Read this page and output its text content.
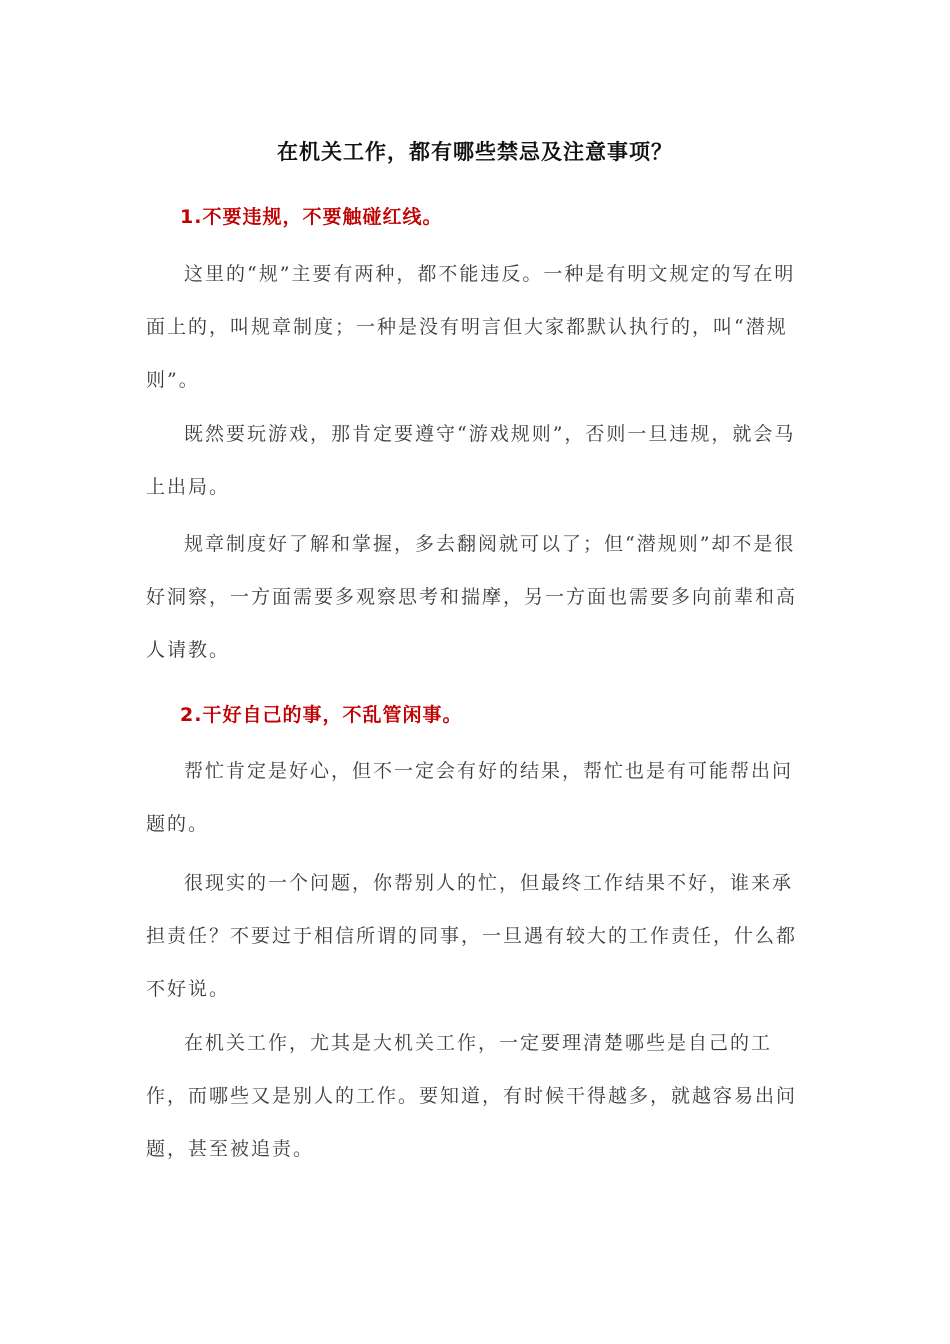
在机关工作，都有哪些禁忌及注意事项？
1.不要违规，不要触碰红线。
这里的“规”主要有两种，都不能违反。一种是有明文规定的写在明面上的，叫规章制度；一种是没有明言但大家都默认执行的，叫“潜规则”。
既然要玩游戏，那肯定要遵守“游戏规则”，否则一旦违规，就会马上出局。
规章制度好了解和掌握，多去翻阅就可以了；但“潜规则”却不是很好洞察，一方面需要多观察思考和揣摩，另一方面也需要多向前辈和高人请教。
2.干好自己的事，不乱管闲事。
帮忙肯定是好心，但不一定会有好的结果，帮忙也是有可能帮出问题的。
很现实的一个问题，你帮别人的忙，但最终工作结果不好，谁来承担责任？不要过于相信所谓的同事，一旦遇有较大的工作责任，什么都不好说。
在机关工作，尤其是大机关工作，一定要理清楚哪些是自己的工作，而哪些又是别人的工作。要知道，有时候干得越多，就越容易出问题，甚至被追责。
